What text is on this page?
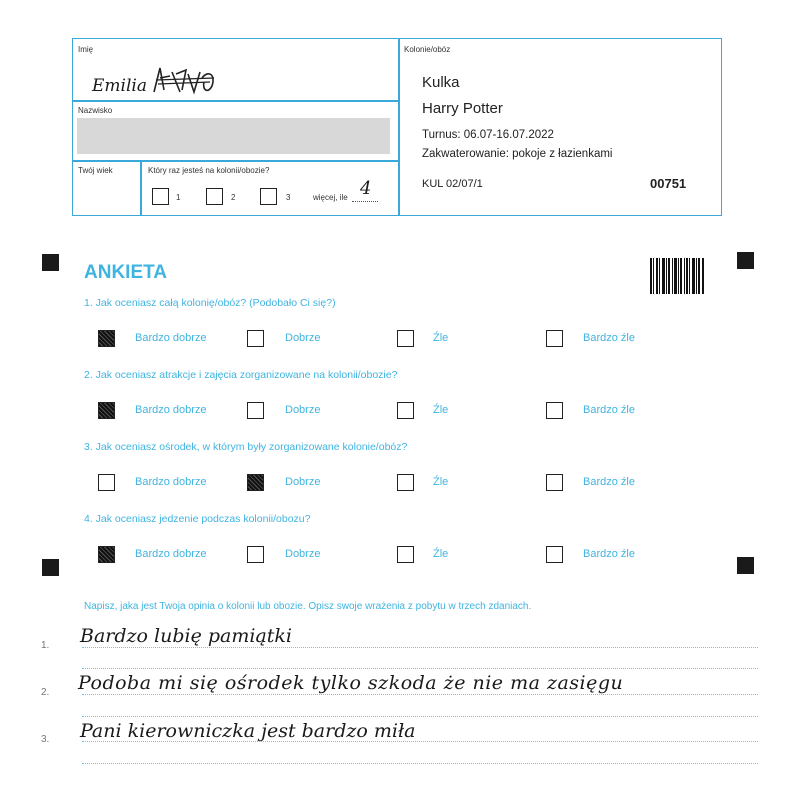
Imię
Emilia
Nazwisko
Twój wiek	Który raz jesteś na kolonii/obozie?
1	2	3	więcej, ile 4
Kolonie/obóz
Kulka
Harry Potter
Turnus: 06.07-16.07.2022
Zakwaterowanie: pokoje z łazienkami
KUL 02/07/1	00751
ANKIETA
1. Jak oceniasz całą kolonię/obóz? (Podobało Ci się?)
Bardzo dobrze	Dobrze	Źle	Bardzo źle
2. Jak oceniasz atrakcje i zajęcia zorganizowane na kolonii/obozie?
Bardzo dobrze	Dobrze	Źle	Bardzo źle
3. Jak oceniasz ośrodek, w którym były zorganizowane kolonie/obóz?
Bardzo dobrze	Dobrze	Źle	Bardzo źle
4. Jak oceniasz jedzenie podczas kolonii/obozu?
Bardzo dobrze	Dobrze	Źle	Bardzo źle
Napisz, jaka jest Twoja opinia o kolonii lub obozie. Opisz swoje wrażenia z pobytu w trzech zdaniach.
1. Bardzo lubię pamiątki
2. Podoba mi się ośrodek tylko szkoda że nie ma zasięgu
3. Pani kierowniczka jest bardzo miła
